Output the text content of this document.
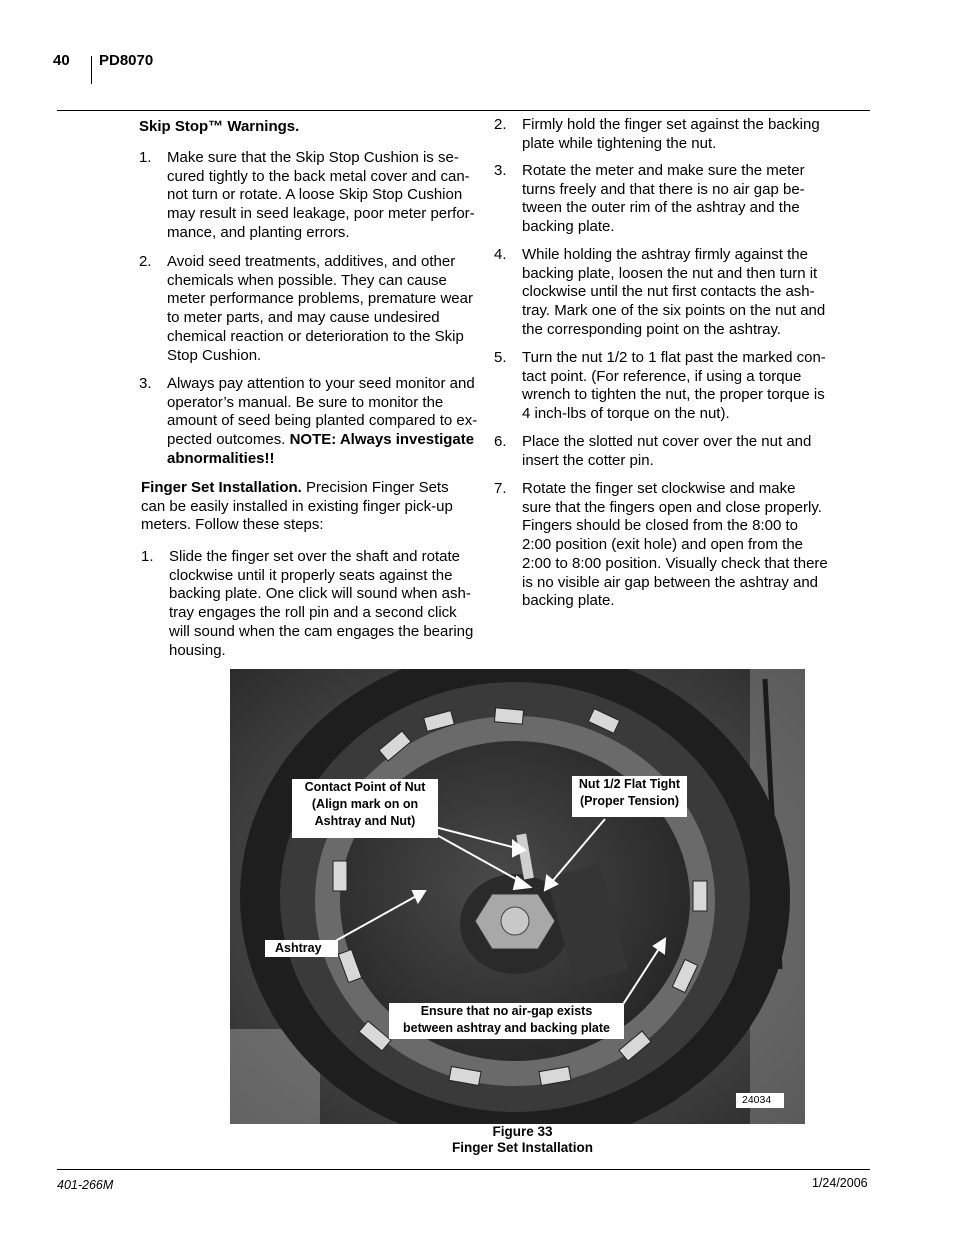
40 PD8070
Skip Stop™ Warnings.
1. Make sure that the Skip Stop Cushion is se-

cured tightly to the back metal cover and can-

not turn or rotate. A loose Skip Stop Cushion

may result in seed leakage, poor meter perfor-

mance, and planting errors.

2. Avoid seed treatments, additives, and other

chemicals when possible. They can cause

meter performance problems, premature wear

to meter parts, and may cause undesired

chemical reaction or deterioration to the Skip

Stop Cushion.

3. Always pay attention to your seed monitor and

operator’s manual. Be sure to monitor the

amount of seed being planted compared to ex-

pected outcomes. NOTE: Always investigate

abnormalities!!

Finger Set Installation. Precision Finger Sets

can be easily installed in existing finger pick-up

meters. Follow these steps:

1. Slide the finger set over the shaft and rotate

clockwise until it properly seats against the

backing plate. One click will sound when ash-

tray engages the roll pin and a second click

will sound when the cam engages the bearing

housing.

2. Firmly hold the finger set against the backing

plate while tightening the nut.

3. Rotate the meter and make sure the meter

turns freely and that there is no air gap be-

tween the outer rim of the ashtray and the

backing plate.

4. While holding the ashtray firmly against the

backing plate, loosen the nut and then turn it

clockwise until the nut first contacts the ash-

tray. Mark one of the six points on the nut and

the corresponding point on the ashtray.

5. Turn the nut 1/2 to 1 flat past the marked con-

tact point. (For reference, if using a torque

wrench to tighten the nut, the proper torque is

4 inch-lbs of torque on the nut).

6. Place the slotted nut cover over the nut and

insert the cotter pin.

7. Rotate the finger set clockwise and make

sure that the fingers open and close properly.

Fingers should be closed from the 8:00 to

2:00 position (exit hole) and open from the

2:00 to 8:00 position. Visually check that there

is no visible air gap between the ashtray and

backing plate.

Contact Point of Nut
(Align mark on on
Ashtray and Nut)
Nut 1/2 Flat Tight
(Proper Tension)
Ashtray
Ensure that no air-gap exists
between ashtray and backing plate
24034
Figure 33
Finger Set Installation
401-266M	1/24/2006
